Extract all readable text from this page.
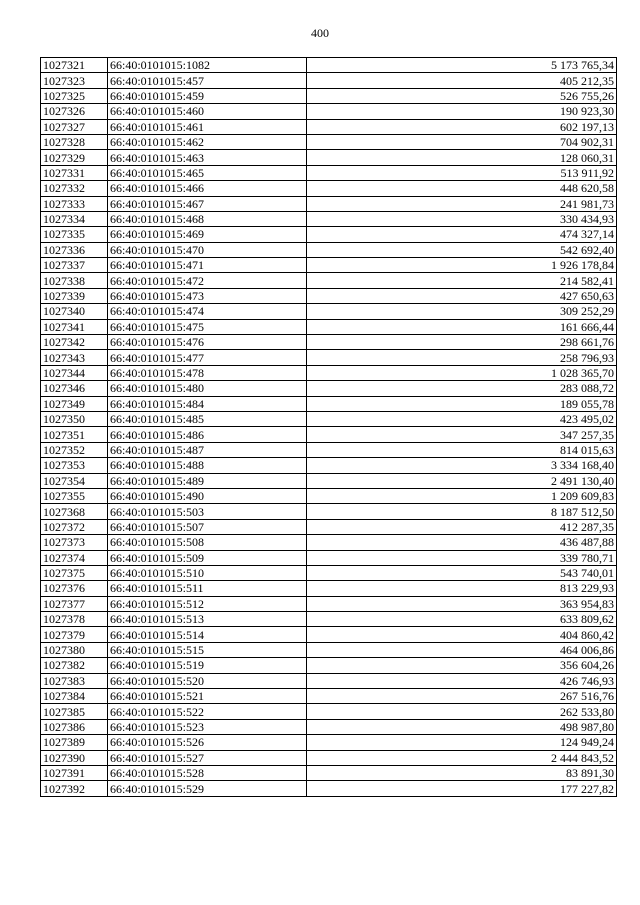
400
1027321	66:40:0101015:1082	5 173 765,34
1027323	66:40:0101015:457	405 212,35
1027325	66:40:0101015:459	526 755,26
1027326	66:40:0101015:460	190 923,30
1027327	66:40:0101015:461	602 197,13
1027328	66:40:0101015:462	704 902,31
1027329	66:40:0101015:463	128 060,31
1027331	66:40:0101015:465	513 911,92
1027332	66:40:0101015:466	448 620,58
1027333	66:40:0101015:467	241 981,73
1027334	66:40:0101015:468	330 434,93
1027335	66:40:0101015:469	474 327,14
1027336	66:40:0101015:470	542 692,40
1027337	66:40:0101015:471	1 926 178,84
1027338	66:40:0101015:472	214 582,41
1027339	66:40:0101015:473	427 650,63
1027340	66:40:0101015:474	309 252,29
1027341	66:40:0101015:475	161 666,44
1027342	66:40:0101015:476	298 661,76
1027343	66:40:0101015:477	258 796,93
1027344	66:40:0101015:478	1 028 365,70
1027346	66:40:0101015:480	283 088,72
1027349	66:40:0101015:484	189 055,78
1027350	66:40:0101015:485	423 495,02
1027351	66:40:0101015:486	347 257,35
1027352	66:40:0101015:487	814 015,63
1027353	66:40:0101015:488	3 334 168,40
1027354	66:40:0101015:489	2 491 130,40
1027355	66:40:0101015:490	1 209 609,83
1027368	66:40:0101015:503	8 187 512,50
1027372	66:40:0101015:507	412 287,35
1027373	66:40:0101015:508	436 487,88
1027374	66:40:0101015:509	339 780,71
1027375	66:40:0101015:510	543 740,01
1027376	66:40:0101015:511	813 229,93
1027377	66:40:0101015:512	363 954,83
1027378	66:40:0101015:513	633 809,62
1027379	66:40:0101015:514	404 860,42
1027380	66:40:0101015:515	464 006,86
1027382	66:40:0101015:519	356 604,26
1027383	66:40:0101015:520	426 746,93
1027384	66:40:0101015:521	267 516,76
1027385	66:40:0101015:522	262 533,80
1027386	66:40:0101015:523	498 987,80
1027389	66:40:0101015:526	124 949,24
1027390	66:40:0101015:527	2 444 843,52
1027391	66:40:0101015:528	83 891,30
1027392	66:40:0101015:529	177 227,82
